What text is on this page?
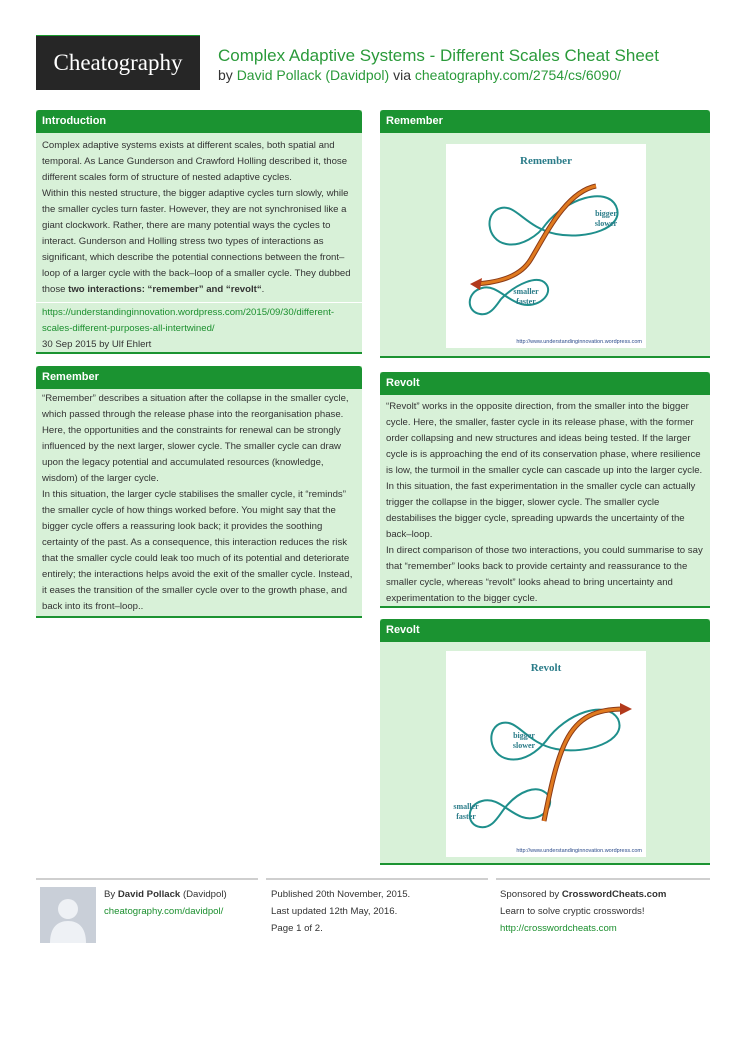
Cheatography	Complex Adaptive Systems - Different Scales Cheat Sheet
by David Pollack (Davidpol) via cheatography.com/2754/cs/6090/
Introduction
Complex adaptive systems exists at different scales, both spatial and temporal. As Lance Gunderson and Crawford Holling described it, those different scales form of structure of nested adaptive cycles.
Within this nested structure, the bigger adaptive cycles turn slowly, while the smaller cycles turn faster. However, they are not synchronised like a giant clockwork. Rather, there are many potential ways the cycles to interact. Gunderson and Holling stress two types of interactions as significant, which describe the potential connections between the front–loop of a larger cycle with the back–loop of a smaller cycle. They dubbed those two interactions: “remember” and “revolt“.
https://understandinginnovation.wordpress.com/2015/09/30/different-scales-different-purposes-all-intertwined/
30 Sep 2015 by Ulf Ehlert
Remember
“Remember” describes a situation after the collapse in the smaller cycle, which passed through the release phase into the reorganisation phase. Here, the opportunities and the constraints for renewal can be strongly influenced by the next larger, slower cycle. The smaller cycle can draw upon the legacy potential and accumulated resources (knowledge, wisdom) of the larger cycle.
In this situation, the larger cycle stabilises the smaller cycle, it “reminds” the smaller cycle of how things worked before. You might say that the bigger cycle offers a reassuring look back; it provides the soothing certainty of the past. As a consequence, this interaction reduces the risk that the smaller cycle could leak too much of its potential and deteriorate entirely; the interactions helps avoid the exit of the smaller cycle. Instead, it eases the transition of the smaller cycle over to the growth phase, and back into its front–loop..
Remember
Remember
bigger
slower
smaller
faster
http://www.understandinginnovation.wordpress.com
Revolt
“Revolt” works in the opposite direction, from the smaller into the bigger cycle. Here, the smaller, faster cycle in its release phase, with the former order collapsing and new structures and ideas being tested. If the larger cycle is is approaching the end of its conservation phase, where resilience is low, the turmoil in the smaller cycle can cascade up into the larger cycle.
In this situation, the fast experimentation in the smaller cycle can actually trigger the collapse in the bigger, slower cycle. The smaller cycle destabilises the bigger cycle, spreading upwards the uncertainty of the back–loop.
In direct comparison of those two interactions, you could summarise to say that “remember” looks back to provide certainty and reassurance to the smaller cycle, whereas “revolt” looks ahead to bring uncertainty and experimentation to the bigger cycle.
Revolt
Revolt
bigger
slower
smaller
faster
http://www.understandinginnovation.wordpress.com
By David Pollack (Davidpol)
cheatography.com/davidpol/
Published 20th November, 2015.
Last updated 12th May, 2016.
Page 1 of 2.
Sponsored by CrosswordCheats.com
Learn to solve cryptic crosswords!
http://crosswordcheats.com
